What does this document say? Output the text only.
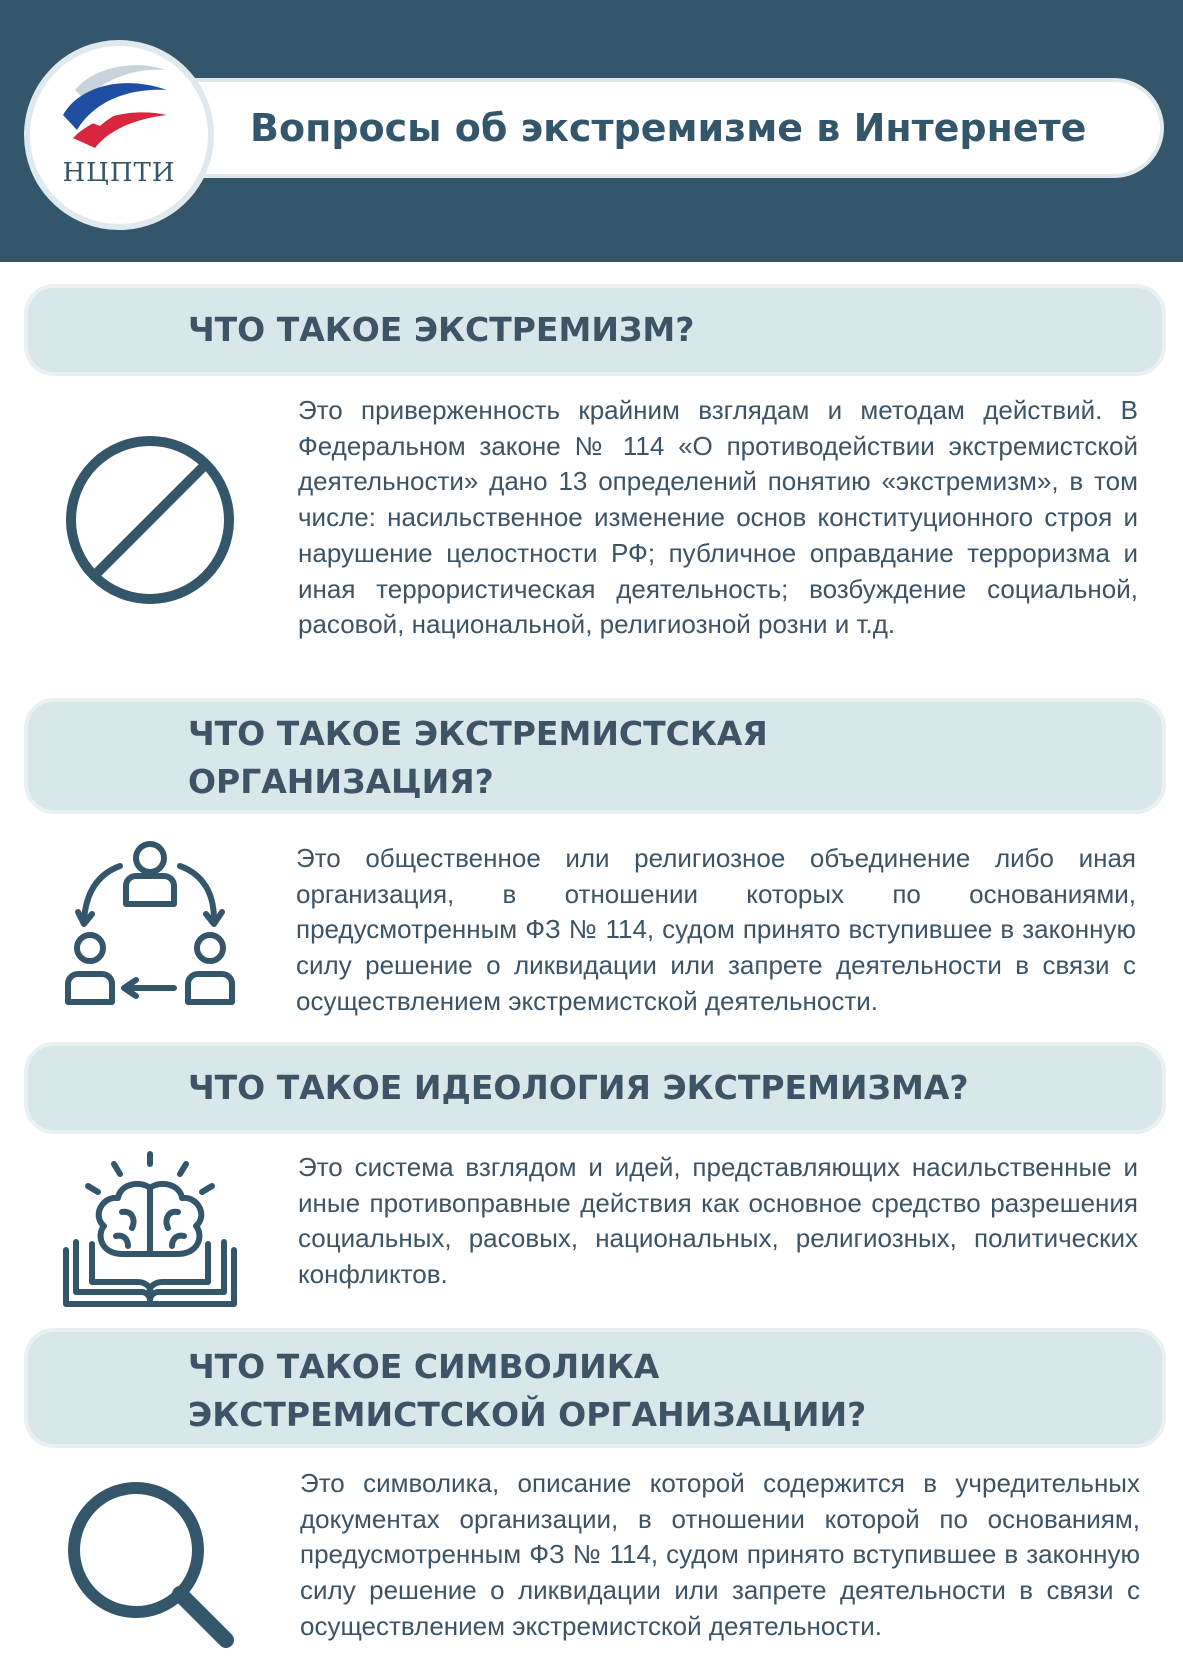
Вопросы об экстремизме в Интернете
НЦПТИ
ЧТО ТАКОЕ ЭКСТРЕМИЗМ?
Это приверженность крайним взглядам и методам действий. В Федеральном законе № 114 «О противодействии экстремистской деятельности» дано 13 определений понятию «экстремизм», в том числе: насильственное изменение основ конституционного строя и нарушение целостности РФ; публичное оправдание терроризма и иная террористическая деятельность; возбуждение социальной, расовой, национальной, религиозной розни и т.д.
ЧТО ТАКОЕ ЭКСТРЕМИСТСКАЯ
ОРГАНИЗАЦИЯ?
Это общественное или религиозное объединение либо иная организация, в отношении которых по основаниями, предусмотренным ФЗ № 114, судом принято вступившее в законную силу решение о ликвидации или запрете деятельности в связи с осуществлением экстремистской деятельности.
ЧТО ТАКОЕ ИДЕОЛОГИЯ ЭКСТРЕМИЗМА?
Это система взглядом и идей, представляющих насильственные и иные противоправные действия как основное средство разрешения социальных, расовых, национальных, религиозных, политических конфликтов.
ЧТО ТАКОЕ СИМВОЛИКА
ЭКСТРЕМИСТСКОЙ ОРГАНИЗАЦИИ?
Это символика, описание которой содержится в учредительных документах организации, в отношении которой по основаниям, предусмотренным ФЗ № 114, судом принято вступившее в законную силу решение о ликвидации или запрете деятельности в связи с осуществлением экстремистской деятельности.
